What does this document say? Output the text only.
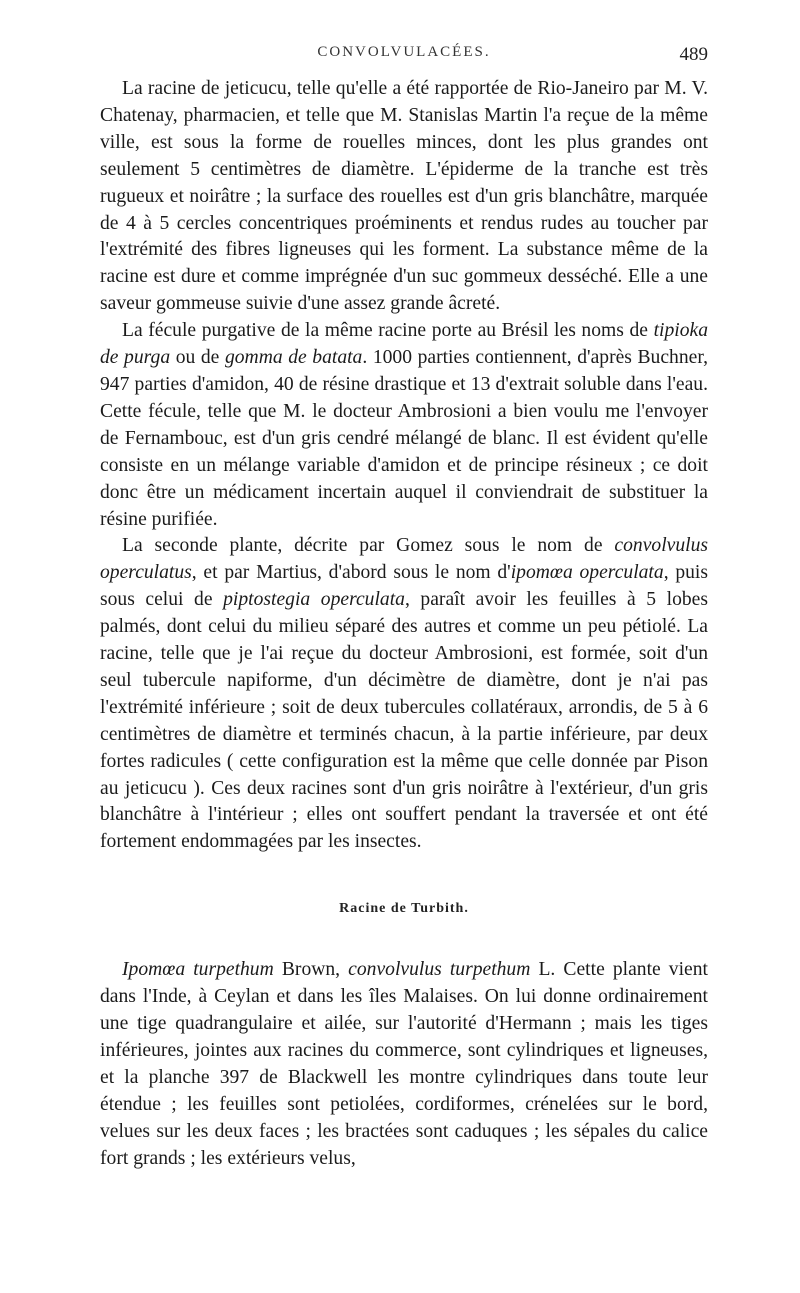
CONVOLVULACÉES.	489

La racine de jeticucu, telle qu'elle a été rapportée de Rio-Janeiro par M. V. Chatenay, pharmacien, et telle que M. Stanislas Martin l'a reçue de la même ville, est sous la forme de rouelles minces, dont les plus grandes ont seulement 5 centimètres de diamètre. L'épiderme de la tranche est très rugueux et noirâtre ; la surface des rouelles est d'un gris blanchâtre, marquée de 4 à 5 cercles concentriques proéminents et rendus rudes au toucher par l'extrémité des fibres ligneuses qui les forment. La substance même de la racine est dure et comme imprégnée d'un suc gommeux desséché. Elle a une saveur gommeuse suivie d'une assez grande âcreté.

La fécule purgative de la même racine porte au Brésil les noms de tipioka de purga ou de gomma de batata. 1000 parties contiennent, d'après Buchner, 947 parties d'amidon, 40 de résine drastique et 13 d'extrait soluble dans l'eau. Cette fécule, telle que M. le docteur Ambrosioni a bien voulu me l'envoyer de Fernambouc, est d'un gris cendré mélangé de blanc. Il est évident qu'elle consiste en un mélange variable d'amidon et de principe résineux ; ce doit donc être un médicament incertain auquel il conviendrait de substituer la résine purifiée.

La seconde plante, décrite par Gomez sous le nom de convolvulus operculatus, et par Martius, d'abord sous le nom d'ipomœa operculata, puis sous celui de piptostegia operculata, paraît avoir les feuilles à 5 lobes palmés, dont celui du milieu séparé des autres et comme un peu pétiolé. La racine, telle que je l'ai reçue du docteur Ambrosioni, est formée, soit d'un seul tubercule napiforme, d'un décimètre de diamètre, dont je n'ai pas l'extrémité inférieure ; soit de deux tubercules collatéraux, arrondis, de 5 à 6 centimètres de diamètre et terminés chacun, à la partie inférieure, par deux fortes radicules ( cette configuration est la même que celle donnée par Pison au jeticucu ). Ces deux racines sont d'un gris noirâtre à l'extérieur, d'un gris blanchâtre à l'intérieur ; elles ont souffert pendant la traversée et ont été fortement endommagées par les insectes.

Racine de Turbith.

Ipomœa turpethum Brown, convolvulus turpethum L. Cette plante vient dans l'Inde, à Ceylan et dans les îles Malaises. On lui donne ordinairement une tige quadrangulaire et ailée, sur l'autorité d'Hermann ; mais les tiges inférieures, jointes aux racines du commerce, sont cylindriques et ligneuses, et la planche 397 de Blackwell les montre cylindriques dans toute leur étendue ; les feuilles sont petiolées, cordiformes, crénelées sur le bord, velues sur les deux faces ; les bractées sont caduques ; les sépales du calice fort grands ; les extérieurs velus,
